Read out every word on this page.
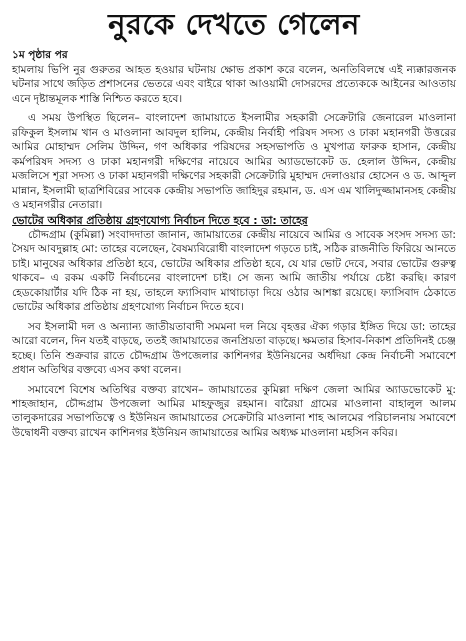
নুরকে দেখতে গেলেন
১ম পৃষ্ঠার পর

হামলায় ভিপি নুর গুরুতর আহত হওয়ার ঘটনায় ক্ষোভ প্রকাশ করে বলেন, অনতিবিলম্বে এই ন্যক্কারজনক ঘটনার সাথে জড়িত প্রশাসনের ভেতরে এবং বাইরে থাকা আওয়ামী দোসরদের প্রত্যেককে আইনের আওতায় এনে দৃষ্টান্তমূলক শাস্তি নিশ্চিত করতে হবে।

এ সময় উপস্থিত ছিলেন– বাংলাদেশ জামায়াতে ইসলামীর সহকারী সেক্রেটারি জেনারেল মাওলানা রফিকুল ইসলাম খান ও মাওলানা আবদুল হালিম, কেন্দ্রীয় নির্বাহী পরিষদ সদস্য ও ঢাকা মহানগরী উত্তরের আমির মোহাম্মদ সেলিম উদ্দিন, গণ অধিকার পরিষদের সহসভাপতি ও মুখপাত্র ফারুক হাসান, কেন্দ্রীয় কর্মপরিষদ সদস্য ও ঢাকা মহানগরী দক্ষিণের নায়েবে আমির অ্যাডভোকেট ড. হেলাল উদ্দিন, কেন্দ্রীয় মজলিসে শূরা সদস্য ও ঢাকা মহানগরী দক্ষিণের সহকারী সেক্রেটারি মুহাম্মদ দেলাওয়ার হোসেন ও ড. আব্দুল মান্নান, ইসলামী ছাত্রশিবিরের সাবেক কেন্দ্রীয় সভাপতি জাহিদুর রহমান, ড. এস এম খালিদুজ্জামানসহ কেন্দ্রীয় ও মহানগরীর নেতারা।

ভোটের অধিকার প্রতিষ্ঠায় গ্রহণযোগ্য নির্বাচন দিতে হবে : ডা: তাহের

চৌদ্দগ্রাম (কুমিল্লা) সংবাদদাতা জানান, জামায়াতের কেন্দ্রীয় নায়েবে আমির ও সাবেক সংসদ সদস্য ডা: সৈয়দ আবদুল্লাহ মো: তাহের বলেছেন, বৈষম্যবিরোধী বাংলাদেশ গড়তে চাই, সঠিক রাজনীতি ফিরিয়ে আনতে চাই। মানুষের অধিকার প্রতিষ্ঠা হবে, ভোটের অধিকার প্রতিষ্ঠা হবে, যে যার ভোট দেবে, সবার ভোটের গুরুত্ব থাকবে– এ রকম একটি নির্বাচনের বাংলাদেশ চাই। সে জন্য আমি জাতীয় পর্যায়ে চেষ্টা করছি। কারণ হেডকোয়ার্টার যদি ঠিক না হয়, তাহলে ফ্যাসিবাদ মাথাচাড়া দিয়ে ওঠার আশঙ্কা রয়েছে। ফ্যাসিবাদ ঠেকাতে ভোটের অধিকার প্রতিষ্ঠায় গ্রহণযোগ্য নির্বাচন দিতে হবে।

সব ইসলামী দল ও অন্যান্য জাতীয়তাবাদী সমমনা দল নিয়ে বৃহত্তর ঐক্য গড়ার ইঙ্গিত দিয়ে ডা: তাহের আরো বলেন, দিন যতই বাড়ছে, ততই জামায়াতের জনপ্রিয়তা বাড়ছে। ক্ষমতার হিসাব-নিকাশ প্রতিদিনই চেঞ্জ হচ্ছে। তিনি শুক্রবার রাতে চৌদ্দগ্রাম উপজেলার কাশিনগর ইউনিয়নের অর্ধদিয়া কেন্দ্র নির্বাচনী সমাবেশে প্রধান অতিথির বক্তব্যে এসব কথা বলেন।

সমাবেশে বিশেষ অতিথির বক্তব্য রাখেন– জামায়াতের কুমিল্লা দক্ষিণ জেলা আমির অ্যাডভোকেট মু: শাহজাহান, চৌদ্দগ্রাম উপজেলা আমির মাহফুজুর রহমান। বারৈয়া গ্রামের মাওলানা বাহালুল আলম তালুকদারের সভাপতিত্বে ও ইউনিয়ন জামায়াতের সেক্রেটারি মাওলানা শাহ আলমের পরিচালনায় সমাবেশে উদ্বোধনী বক্তব্য রাখেন কাশিনগর ইউনিয়ন জামায়াতের আমির অধ্যক্ষ মাওলানা মহসিন কবির।
